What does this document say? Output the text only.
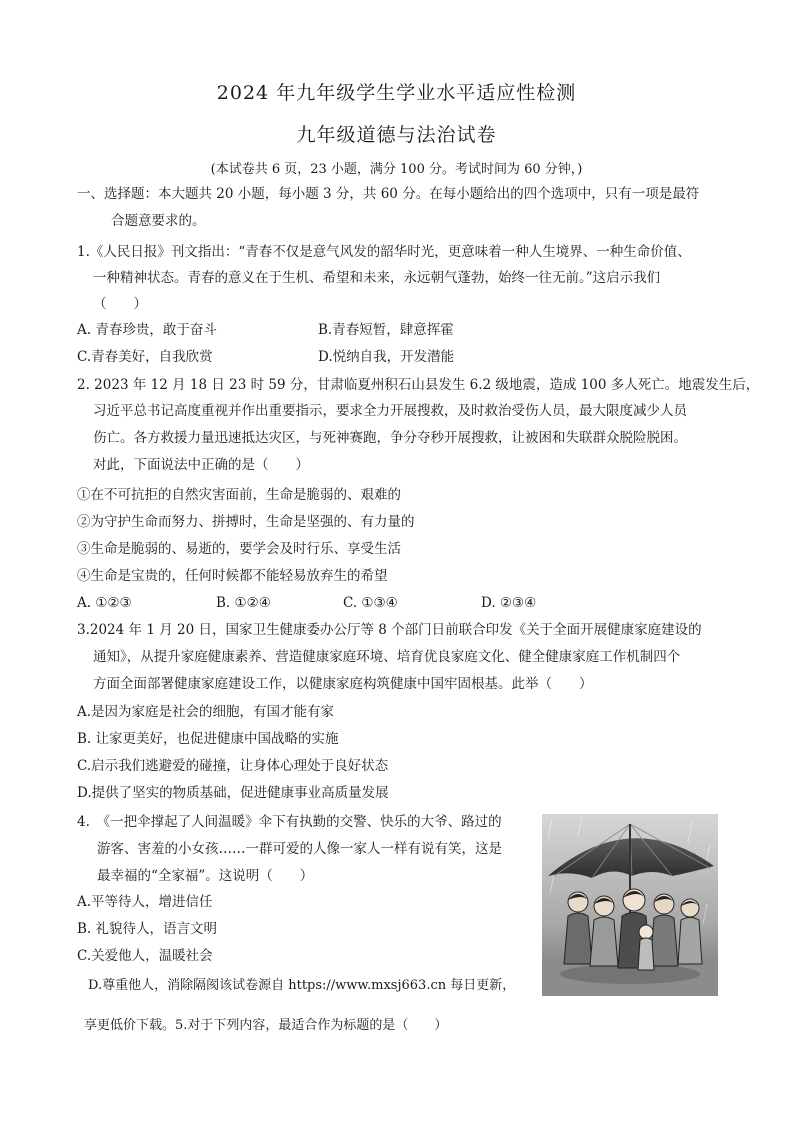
2024 年九年级学生学业水平适应性检测
九年级道德与法治试卷
(本试卷共 6 页，23 小题，满分 100 分。考试时间为 60 分钟，)
一、选择题：本大题共 20 小题，每小题 3 分，共 60 分。在每小题给出的四个选项中，只有一项是最符
合题意要求的。
1.《人民日报》刊文指出：“青春不仅是意气风发的韶华时光，更意味着一种人生境界、一种生命价值、
一种精神状态。青春的意义在于生机、希望和未来，永远朝气蓬勃，始终一往无前。”这启示我们
（　　）
A. 青春珍贵，敢于奋斗	B.青春短暂，肆意挥霍
C.青春美好，自我欣赏	D.悦纳自我，开发潜能
2. 2023 年 12 月 18 日 23 时 59 分，甘肃临夏州积石山县发生 6.2 级地震，造成 100 多人死亡。地震发生后，
习近平总书记高度重视并作出重要指示，要求全力开展搜救，及时救治受伤人员，最大限度减少人员
伤亡。各方救援力量迅速抵达灾区，与死神赛跑，争分夺秒开展搜救，让被困和失联群众脱险脱困。
对此，下面说法中正确的是（　　）
①在不可抗拒的自然灾害面前，生命是脆弱的、艰难的
②为守护生命而努力、拼搏时，生命是坚强的、有力量的
③生命是脆弱的、易逝的，要学会及时行乐、享受生活
④生命是宝贵的，任何时候都不能轻易放弃生的希望
A. ①②③	B. ①②④	C. ①③④	D. ②③④
3.2024 年 1 月 20 日，国家卫生健康委办公厅等 8 个部门日前联合印发《关于全面开展健康家庭建设的
通知》，从提升家庭健康素养、营造健康家庭环境、培育优良家庭文化、健全健康家庭工作机制四个
方面全面部署健康家庭建设工作，以健康家庭构筑健康中国牢固根基。此举（　　）
A.是因为家庭是社会的细胞，有国才能有家
B. 让家更美好，也促进健康中国战略的实施
C.启示我们逃避爱的碰撞，让身体心理处于良好状态
D.提供了坚实的物质基础，促进健康事业高质量发展
4.　《一把伞撑起了人间温暖》伞下有执勤的交警、快乐的大爷、路过的
游客、害羞的小女孩……一群可爱的人像一家人一样有说有笑，这是
最幸福的“全家福”。这说明（　　）
A.平等待人，增进信任
B. 礼貌待人，语言文明
C.关爱他人，温暖社会
D.尊重他人，消除隔阂该试卷源自 https://www.mxsj663.cn 每日更新，
享更低价下载。5.对于下列内容，最适合作为标题的是（　　）
